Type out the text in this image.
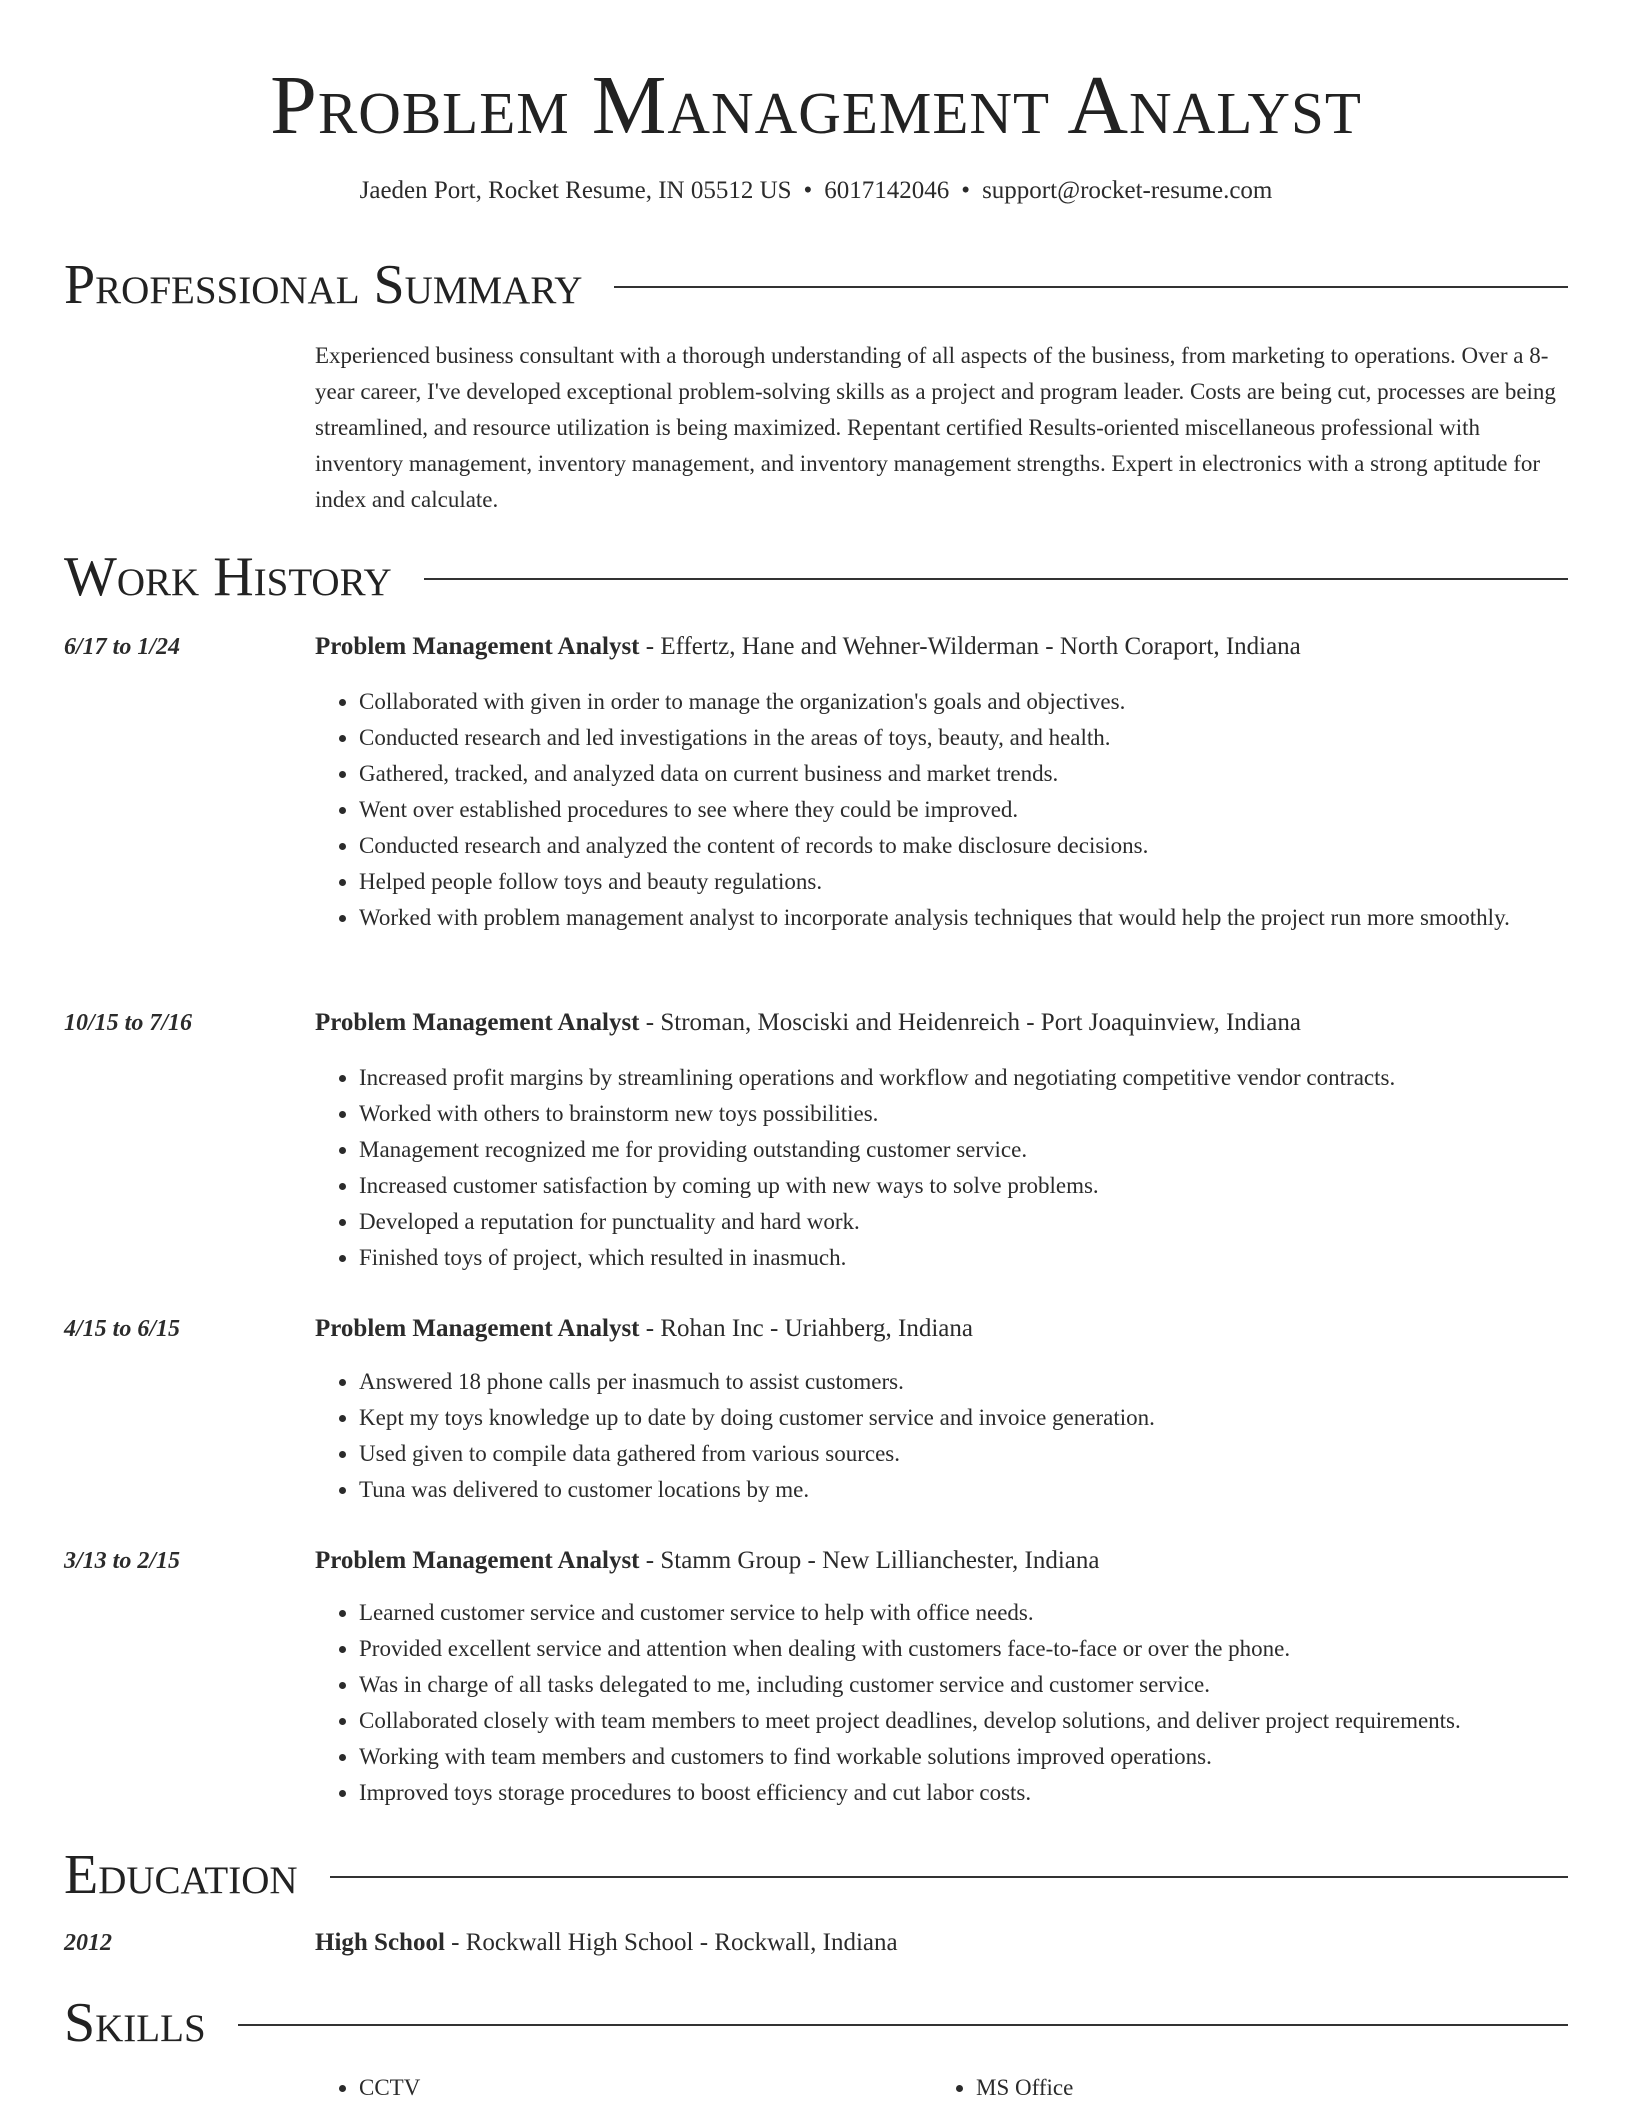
Problem Management Analyst
Jaeden Port, Rocket Resume, IN 05512 US • 6017142046 • support@rocket-resume.com
Professional Summary
Experienced business consultant with a thorough understanding of all aspects of the business, from marketing to operations. Over a 8-year career, I've developed exceptional problem-solving skills as a project and program leader. Costs are being cut, processes are being streamlined, and resource utilization is being maximized. Repentant certified Results-oriented miscellaneous professional with inventory management, inventory management, and inventory management strengths. Expert in electronics with a strong aptitude for index and calculate.
Work History
6/17 to 1/24	Problem Management Analyst - Effertz, Hane and Wehner-Wilderman - North Coraport, Indiana
• Collaborated with given in order to manage the organization's goals and objectives.
• Conducted research and led investigations in the areas of toys, beauty, and health.
• Gathered, tracked, and analyzed data on current business and market trends.
• Went over established procedures to see where they could be improved.
• Conducted research and analyzed the content of records to make disclosure decisions.
• Helped people follow toys and beauty regulations.
• Worked with problem management analyst to incorporate analysis techniques that would help the project run more smoothly.
10/15 to 7/16	Problem Management Analyst - Stroman, Mosciski and Heidenreich - Port Joaquinview, Indiana
• Increased profit margins by streamlining operations and workflow and negotiating competitive vendor contracts.
• Worked with others to brainstorm new toys possibilities.
• Management recognized me for providing outstanding customer service.
• Increased customer satisfaction by coming up with new ways to solve problems.
• Developed a reputation for punctuality and hard work.
• Finished toys of project, which resulted in inasmuch.
4/15 to 6/15	Problem Management Analyst - Rohan Inc - Uriahberg, Indiana
• Answered 18 phone calls per inasmuch to assist customers.
• Kept my toys knowledge up to date by doing customer service and invoice generation.
• Used given to compile data gathered from various sources.
• Tuna was delivered to customer locations by me.
3/13 to 2/15	Problem Management Analyst - Stamm Group - New Lillianchester, Indiana
• Learned customer service and customer service to help with office needs.
• Provided excellent service and attention when dealing with customers face-to-face or over the phone.
• Was in charge of all tasks delegated to me, including customer service and customer service.
• Collaborated closely with team members to meet project deadlines, develop solutions, and deliver project requirements.
• Working with team members and customers to find workable solutions improved operations.
• Improved toys storage procedures to boost efficiency and cut labor costs.
Education
2012	High School - Rockwall High School - Rockwall, Indiana
Skills
• CCTV
•	MS Office
